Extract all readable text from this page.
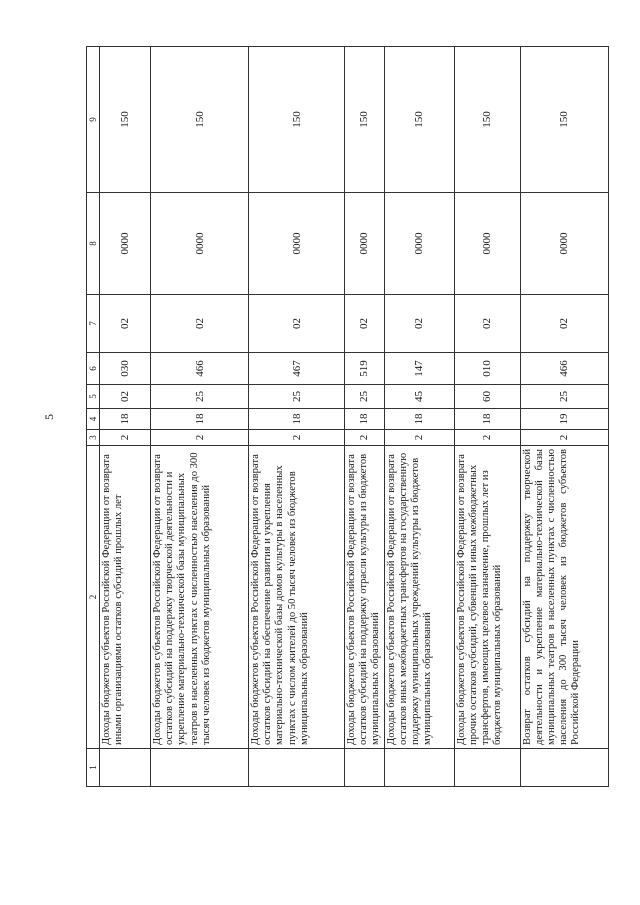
5
1	2	3	4	5	6	7	8	9
	Доходы бюджетов субъектов Российской Федерации от возврата иными организациями остатков субсидий прошлых лет	2	18	02	030	02	0000	150
	Доходы бюджетов субъектов Российской Федерации от возврата остатков субсидий на поддержку творческой деятельности и укрепление материально-технической базы муниципальных театров в населенных пунктах с численностью населения до 300 тысяч человек из бюджетов муниципальных образований	2	18	25	466	02	0000	150
	Доходы бюджетов субъектов Российской Федерации от возврата остатков субсидий на обеспечение развития и укрепления материально-технической базы домов культуры в населенных пунктах с числом жителей до 50 тысяч человек из бюджетов муниципальных образований	2	18	25	467	02	0000	150
	Доходы бюджетов субъектов Российской Федерации от возврата остатков субсидий на поддержку отрасли культуры из бюджетов муниципальных образований	2	18	25	519	02	0000	150
	Доходы бюджетов субъектов Российской Федерации от возврата остатков иных межбюджетных трансфертов на государственную поддержку муниципальных учреждений культуры из бюджетов муниципальных образований	2	18	45	147	02	0000	150
	Доходы бюджетов субъектов Российской Федерации от возврата прочих остатков субсидий, субвенций и иных межбюджетных трансфертов, имеющих целевое назначение, прошлых лет из бюджетов муниципальных образований	2	18	60	010	02	0000	150
	Возврат остатков субсидий на поддержку творческой деятельности и укрепление материально-технической базы муниципальных театров в населенных пунктах с численностью населения до 300 тысяч человек из бюджетов субъектов Российской Федерации	2	19	25	466	02	0000	150
